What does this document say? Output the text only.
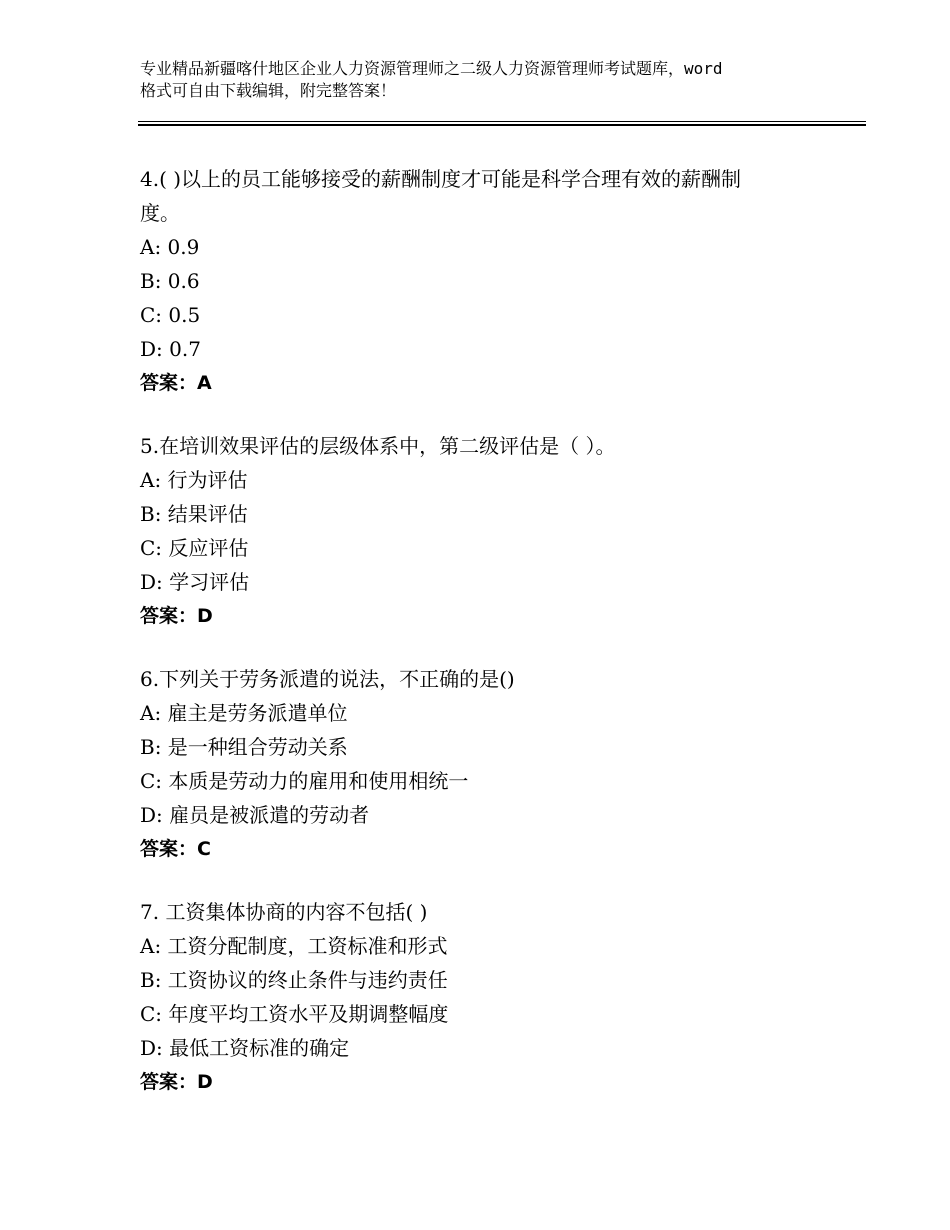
专业精品新疆喀什地区企业人力资源管理师之二级人力资源管理师考试题库，word
格式可自由下载编辑，附完整答案！
4.( )以上的员工能够接受的薪酬制度才可能是科学合理有效的薪酬制
度。
A: 0.9
B: 0.6
C: 0.5
D: 0.7
答案：A
5.在培训效果评估的层级体系中，第二级评估是（ ）。
A: 行为评估
B: 结果评估
C: 反应评估
D: 学习评估
答案：D
6.下列关于劳务派遣的说法，不正确的是()
A: 雇主是劳务派遣单位
B: 是一种组合劳动关系
C: 本质是劳动力的雇用和使用相统一
D: 雇员是被派遣的劳动者
答案：C
7. 工资集体协商的内容不包括( )
A: 工资分配制度，工资标准和形式
B: 工资协议的终止条件与违约责任
C: 年度平均工资水平及期调整幅度
D: 最低工资标准的确定
答案：D
